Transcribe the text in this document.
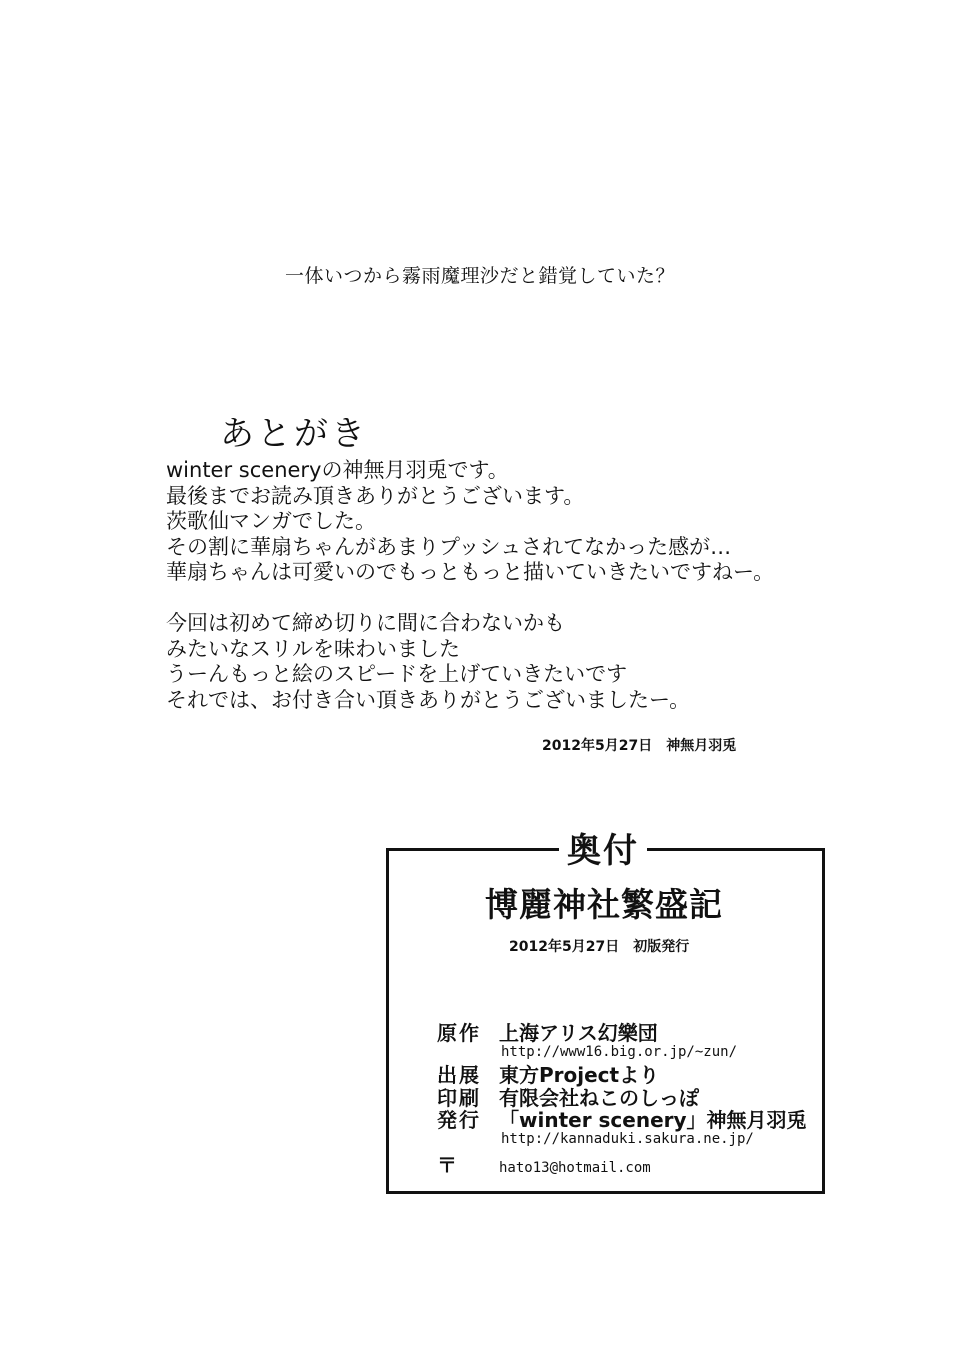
一体いつから霧雨魔理沙だと錯覚していた？
あとがき
winter sceneryの神無月羽兎です。
最後までお読み頂きありがとうございます。
茨歌仙マンガでした。
その割に華扇ちゃんがあまりプッシュされてなかった感が…
華扇ちゃんは可愛いのでもっともっと描いていきたいですねー。
今回は初めて締め切りに間に合わないかも
みたいなスリルを味わいました
うーんもっと絵のスピードを上げていきたいです
それでは、お付き合い頂きありがとうございましたー。
2012年5月27日　神無月羽兎
奥付
博麗神社繁盛記
2012年5月27日　初版発行
原作 上海アリス幻樂団
http://www16.big.or.jp/~zun/
出展 東方Projectより
印刷 有限会社ねこのしっぽ
発行 「winter scenery」神無月羽兎
http://kannaduki.sakura.ne.jp/
〒	hato13@hotmail.com
